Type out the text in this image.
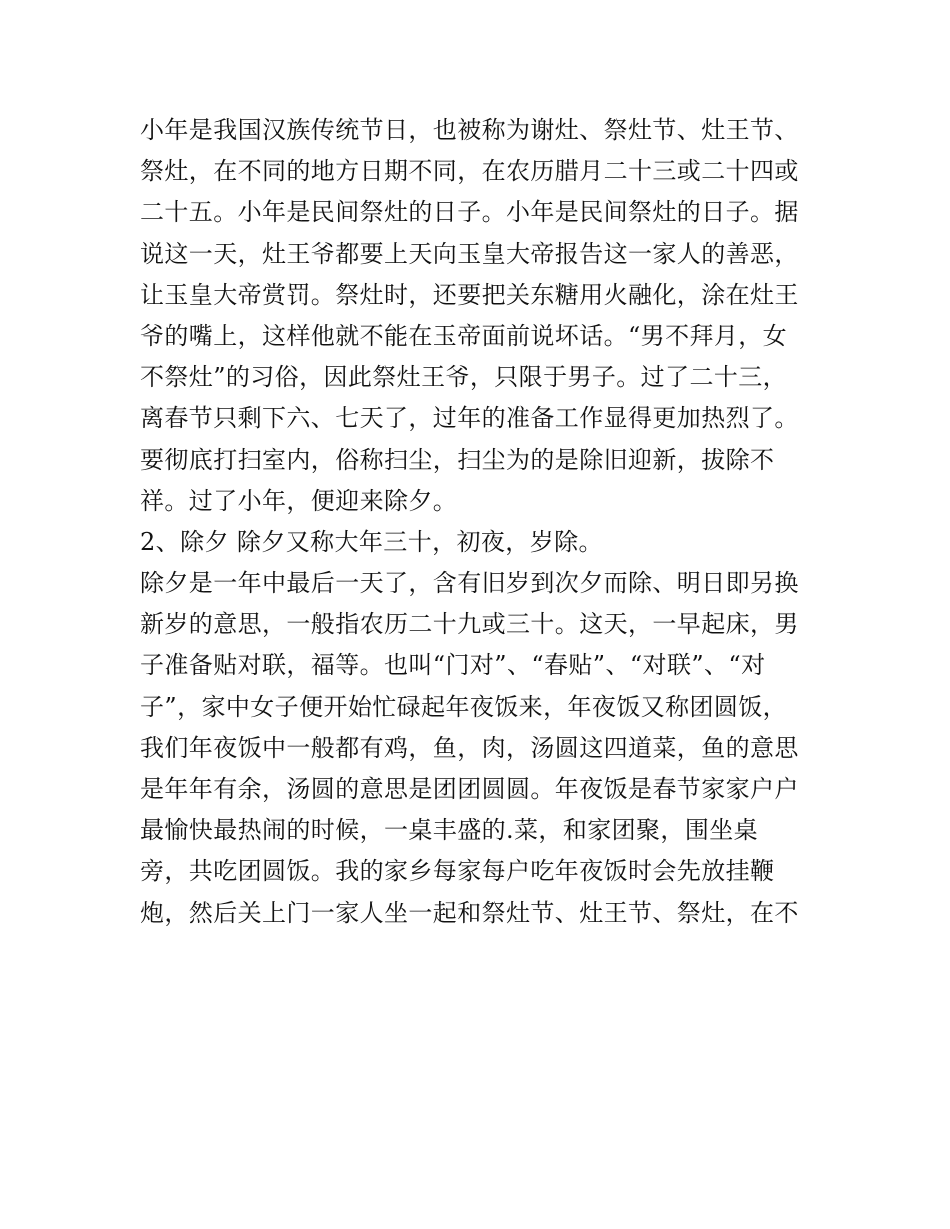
小年是我国汉族传统节日，也被称为谢灶、祭灶节、灶王节、
祭灶，在不同的地方日期不同，在农历腊月二十三或二十四或
二十五。小年是民间祭灶的日子。小年是民间祭灶的日子。据
说这一天，灶王爷都要上天向玉皇大帝报告这一家人的善恶，
让玉皇大帝赏罚。祭灶时，还要把关东糖用火融化，涂在灶王
爷的嘴上，这样他就不能在玉帝面前说坏话。“男不拜月，女
不祭灶”的习俗，因此祭灶王爷，只限于男子。过了二十三，
离春节只剩下六、七天了，过年的准备工作显得更加热烈了。
要彻底打扫室内，俗称扫尘，扫尘为的是除旧迎新，拔除不
祥。过了小年，便迎来除夕。
2、除夕 除夕又称大年三十，初夜，岁除。
除夕是一年中最后一天了，含有旧岁到次夕而除、明日即另换
新岁的意思，一般指农历二十九或三十。这天，一早起床，男
子准备贴对联，福等。也叫“门对”、“春贴”、“对联”、“对
子”，家中女子便开始忙碌起年夜饭来，年夜饭又称团圆饭，
我们年夜饭中一般都有鸡，鱼，肉，汤圆这四道菜，鱼的意思
是年年有余，汤圆的意思是团团圆圆。年夜饭是春节家家户户
最愉快最热闹的时候，一桌丰盛的.菜，和家团聚，围坐桌
旁，共吃团圆饭。我的家乡每家每户吃年夜饭时会先放挂鞭
炮，然后关上门一家人坐一起和祭灶节、灶王节、祭灶，在不
